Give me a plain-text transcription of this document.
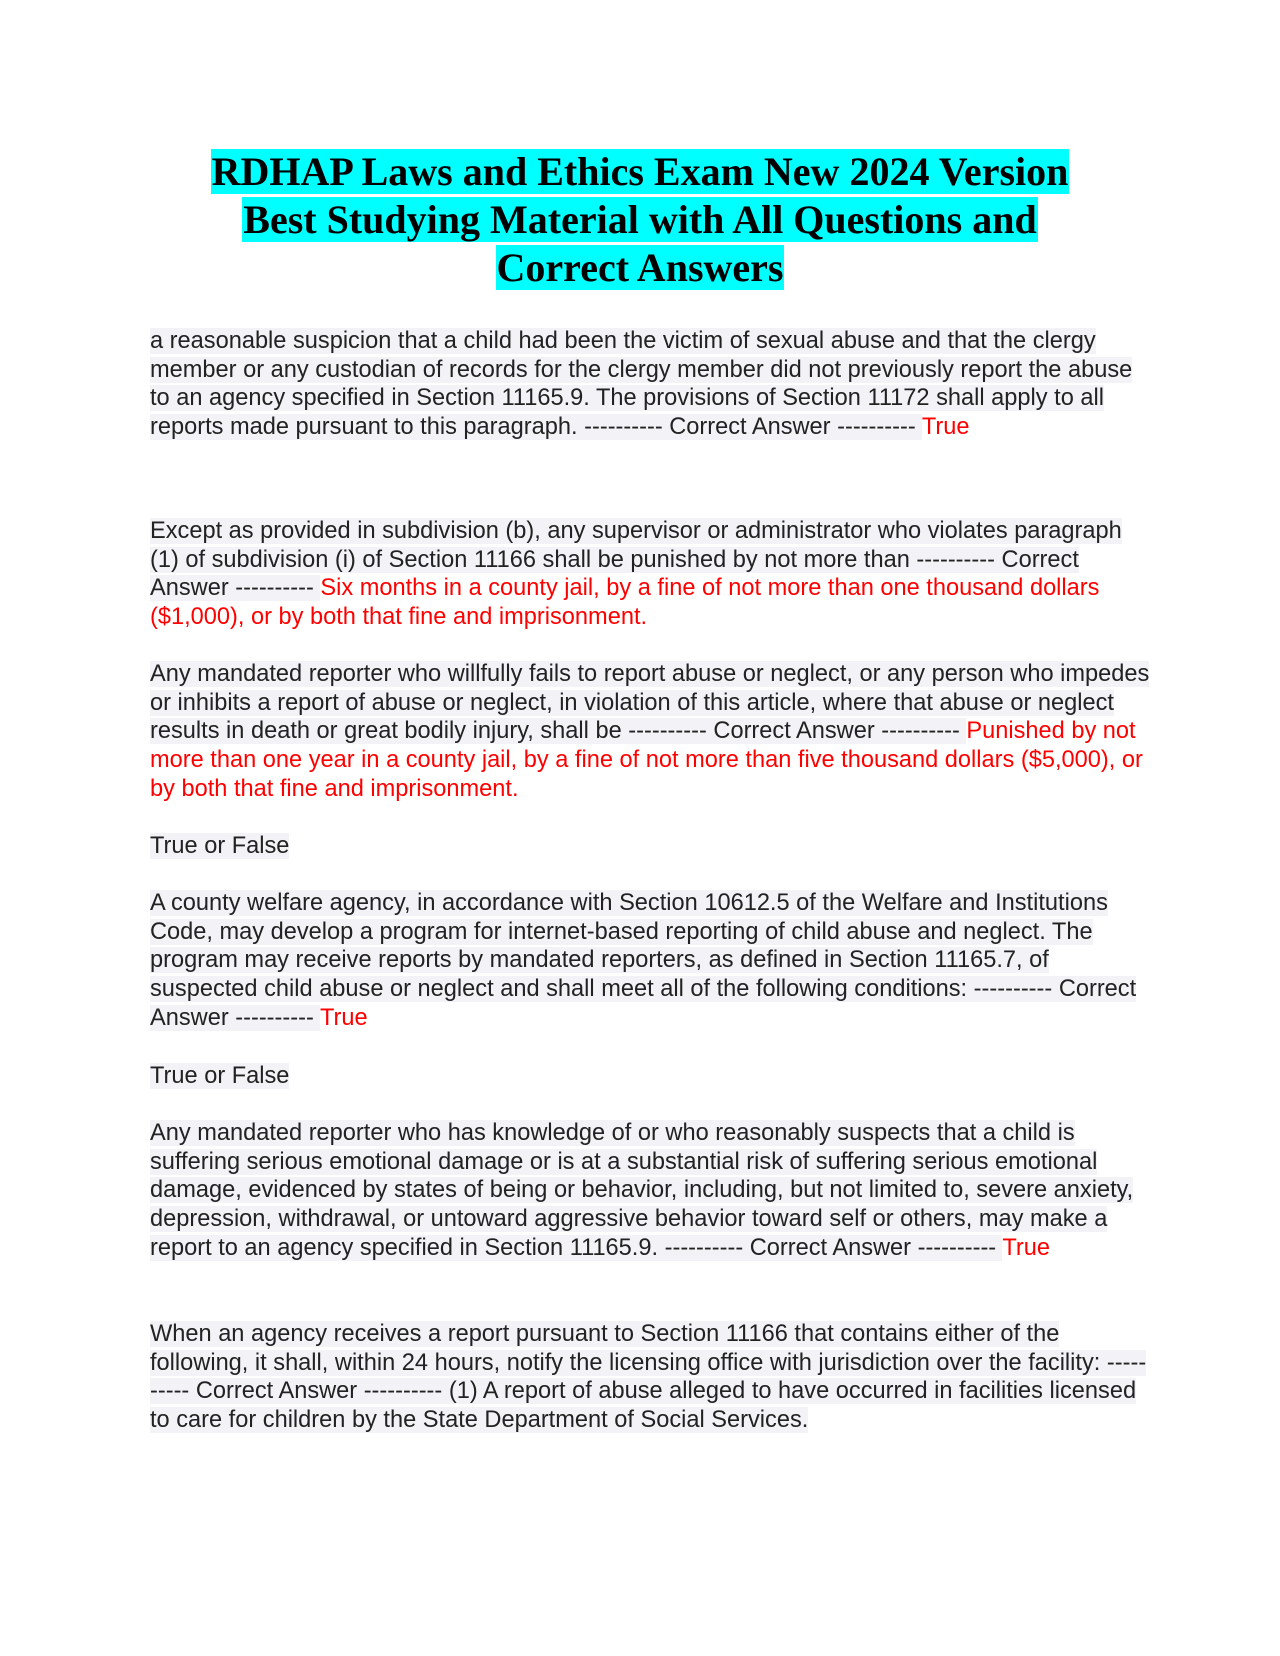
RDHAP Laws and Ethics Exam New 2024 Version
Best Studying Material with All Questions and
Correct Answers

a reasonable suspicion that a child had been the victim of sexual abuse and that the clergy member or any custodian of records for the clergy member did not previously report the abuse to an agency specified in Section 11165.9. The provisions of Section 11172 shall apply to all reports made pursuant to this paragraph. ---------- Correct Answer ---------- True

Except as provided in subdivision (b), any supervisor or administrator who violates paragraph (1) of subdivision (i) of Section 11166 shall be punished by not more than ---------- Correct Answer ---------- Six months in a county jail, by a fine of not more than one thousand dollars ($1,000), or by both that fine and imprisonment.

Any mandated reporter who willfully fails to report abuse or neglect, or any person who impedes or inhibits a report of abuse or neglect, in violation of this article, where that abuse or neglect results in death or great bodily injury, shall be ---------- Correct Answer ---------- Punished by not more than one year in a county jail, by a fine of not more than five thousand dollars ($5,000), or by both that fine and imprisonment.

True or False

A county welfare agency, in accordance with Section 10612.5 of the Welfare and Institutions Code, may develop a program for internet-based reporting of child abuse and neglect. The program may receive reports by mandated reporters, as defined in Section 11165.7, of suspected child abuse or neglect and shall meet all of the following conditions: ---------- Correct Answer ---------- True

True or False

Any mandated reporter who has knowledge of or who reasonably suspects that a child is suffering serious emotional damage or is at a substantial risk of suffering serious emotional damage, evidenced by states of being or behavior, including, but not limited to, severe anxiety, depression, withdrawal, or untoward aggressive behavior toward self or others, may make a report to an agency specified in Section 11165.9. ---------- Correct Answer ---------- True

When an agency receives a report pursuant to Section 11166 that contains either of the following, it shall, within 24 hours, notify the licensing office with jurisdiction over the facility: ---------- Correct Answer ---------- (1) A report of abuse alleged to have occurred in facilities licensed to care for children by the State Department of Social Services.
